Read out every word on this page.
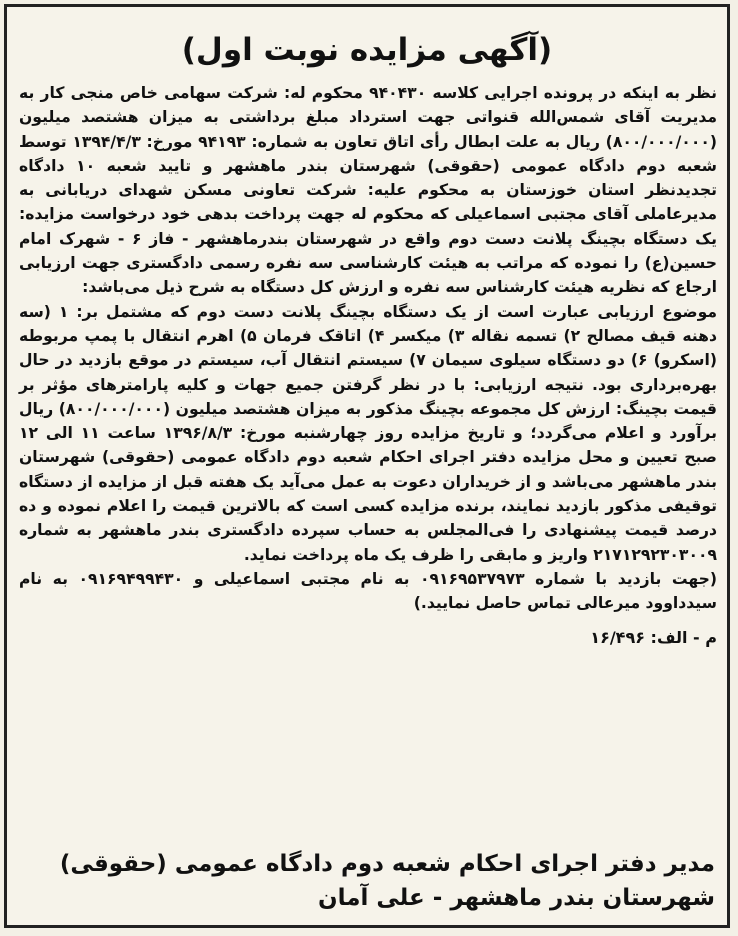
(آگهی مزایده نوبت اول)

نظر به اینکه در پرونده اجرایی کلاسه ۹۴۰۴۳۰ محکوم له: شرکت سهامی خاص منجی کار به مدیریت آقای شمس‌الله قنواتی جهت استرداد مبلغ برداشتی به میزان هشتصد میلیون (۸۰۰/۰۰۰/۰۰۰) ریال به علت ابطال رأی اتاق تعاون به شماره: ۹۴۱۹۳ مورخ: ۱۳۹۴/۴/۳ توسط شعبه دوم دادگاه عمومی (حقوقی) شهرستان بندر ماهشهر و تایید شعبه ۱۰ دادگاه تجدیدنظر استان خوزستان به محکوم علیه: شرکت تعاونی مسکن شهدای دریابانی به مدیرعاملی آقای مجتبی اسماعیلی که محکوم له جهت پرداخت بدهی خود درخواست مزایده: یک دستگاه بچینگ پلانت دست دوم واقع در شهرستان بندرماهشهر - فاز ۶ - شهرک امام حسین(ع) را نموده که مراتب به هیئت کارشناسی سه نفره رسمی دادگستری جهت ارزیابی ارجاع که نظریه هیئت کارشناس سه نفره و ارزش کل دستگاه به شرح ذیل می‌باشد:

موضوع ارزیابی عبارت است از یک دستگاه بچینگ پلانت دست دوم که مشتمل بر: ۱ (سه دهنه قیف مصالح ۲) تسمه نقاله ۳) میکسر ۴) اتاقک فرمان ۵) اهرم انتقال با پمپ مربوطه (اسکرو) ۶) دو دستگاه سیلوی سیمان ۷) سیستم انتقال آب، سیستم در موقع بازدید در حال بهره‌برداری بود. نتیجه ارزیابی: با در نظر گرفتن جمیع جهات و کلیه پارامترهای مؤثر بر قیمت بچینگ: ارزش کل مجموعه بچینگ مذکور به میزان هشتصد میلیون (۸۰۰/۰۰۰/۰۰۰) ریال برآورد و اعلام می‌گردد؛ و تاریخ مزایده روز چهارشنبه مورخ: ۱۳۹۶/۸/۳ ساعت ۱۱ الی ۱۲ صبح تعیین و محل مزایده دفتر اجرای احکام شعبه دوم دادگاه عمومی (حقوقی) شهرستان بندر ماهشهر می‌باشد و از خریداران دعوت به عمل می‌آید یک هفته قبل از مزایده از دستگاه توقیفی مذکور بازدید نمایند، برنده مزایده کسی است که بالاترین قیمت را اعلام نموده و ده درصد قیمت پیشنهادی را فی‌المجلس به حساب سپرده دادگستری بندر ماهشهر به شماره ۲۱۷۱۲۹۲۳۰۳۰۰۹ واریز و مابقی را ظرف یک ماه پرداخت نماید.

(جهت بازدید با شماره ۰۹۱۶۹۵۳۷۹۷۳ به نام مجتبی اسماعیلی و ۰۹۱۶۹۴۹۹۴۳۰ به نام سیدداوود میرعالی تماس حاصل نمایید.)

م - الف: ۱۶/۴۹۶
مدیر دفتر اجرای احکام شعبه دوم دادگاه عمومی (حقوقی)
شهرستان بندر ماهشهر - علی آمان
